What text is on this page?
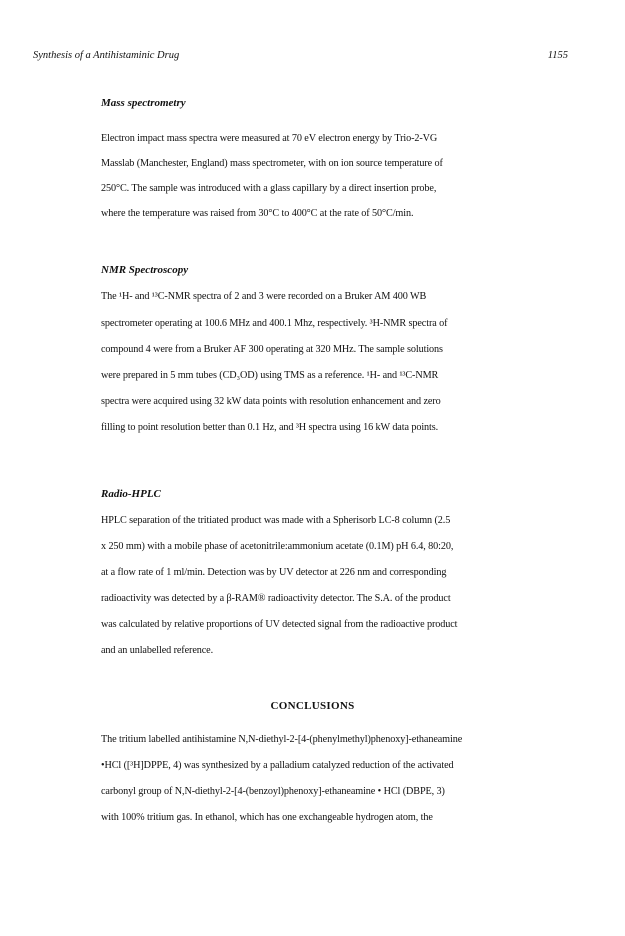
Synthesis of a Antihistaminic Drug	1155
Mass spectrometry
Electron impact mass spectra were measured at 70 eV electron energy by Trio-2-VG
Masslab (Manchester, England) mass spectrometer, with on ion source temperature of
250°C. The sample was introduced with a glass capillary by a direct insertion probe,
where the temperature was raised from 30°C to 400°C at the rate of 50°C/min.
NMR Spectroscopy
The ¹H- and ¹³C-NMR spectra of 2 and 3 were recorded on a Bruker AM 400 WB
spectrometer operating at 100.6 MHz and 400.1 Mhz, respectively. ³H-NMR spectra of
compound 4 were from a Bruker AF 300 operating at 320 MHz. The sample solutions
were prepared in 5 mm tubes (CD₃OD) using TMS as a reference. ¹H- and ¹³C-NMR
spectra were acquired using 32 kW data points with resolution enhancement and zero
filling to point resolution better than 0.1 Hz, and ³H spectra using 16 kW data points.
Radio-HPLC
HPLC separation of the tritiated product was made with a Spherisorb LC-8 column (2.5
x 250 mm) with a mobile phase of acetonitrile:ammonium acetate (0.1M) pH 6.4, 80:20,
at a flow rate of 1 ml/min. Detection was by UV detector at 226 nm and corresponding
radioactivity was detected by a β-RAM® radioactivity detector. The S.A. of the product
was calculated by relative proportions of UV detected signal from the radioactive product
and an unlabelled reference.
CONCLUSIONS
The tritium labelled antihistamine N,N-diethyl-2-[4-(phenylmethyl)phenoxy]-ethaneamine
•HCl ([³H]DPPE, 4) was synthesized by a palladium catalyzed reduction of the activated
carbonyl group of N,N-diethyl-2-[4-(benzoyl)phenoxy]-ethaneamine • HCl (DBPE, 3)
with 100% tritium gas. In ethanol, which has one exchangeable hydrogen atom, the
